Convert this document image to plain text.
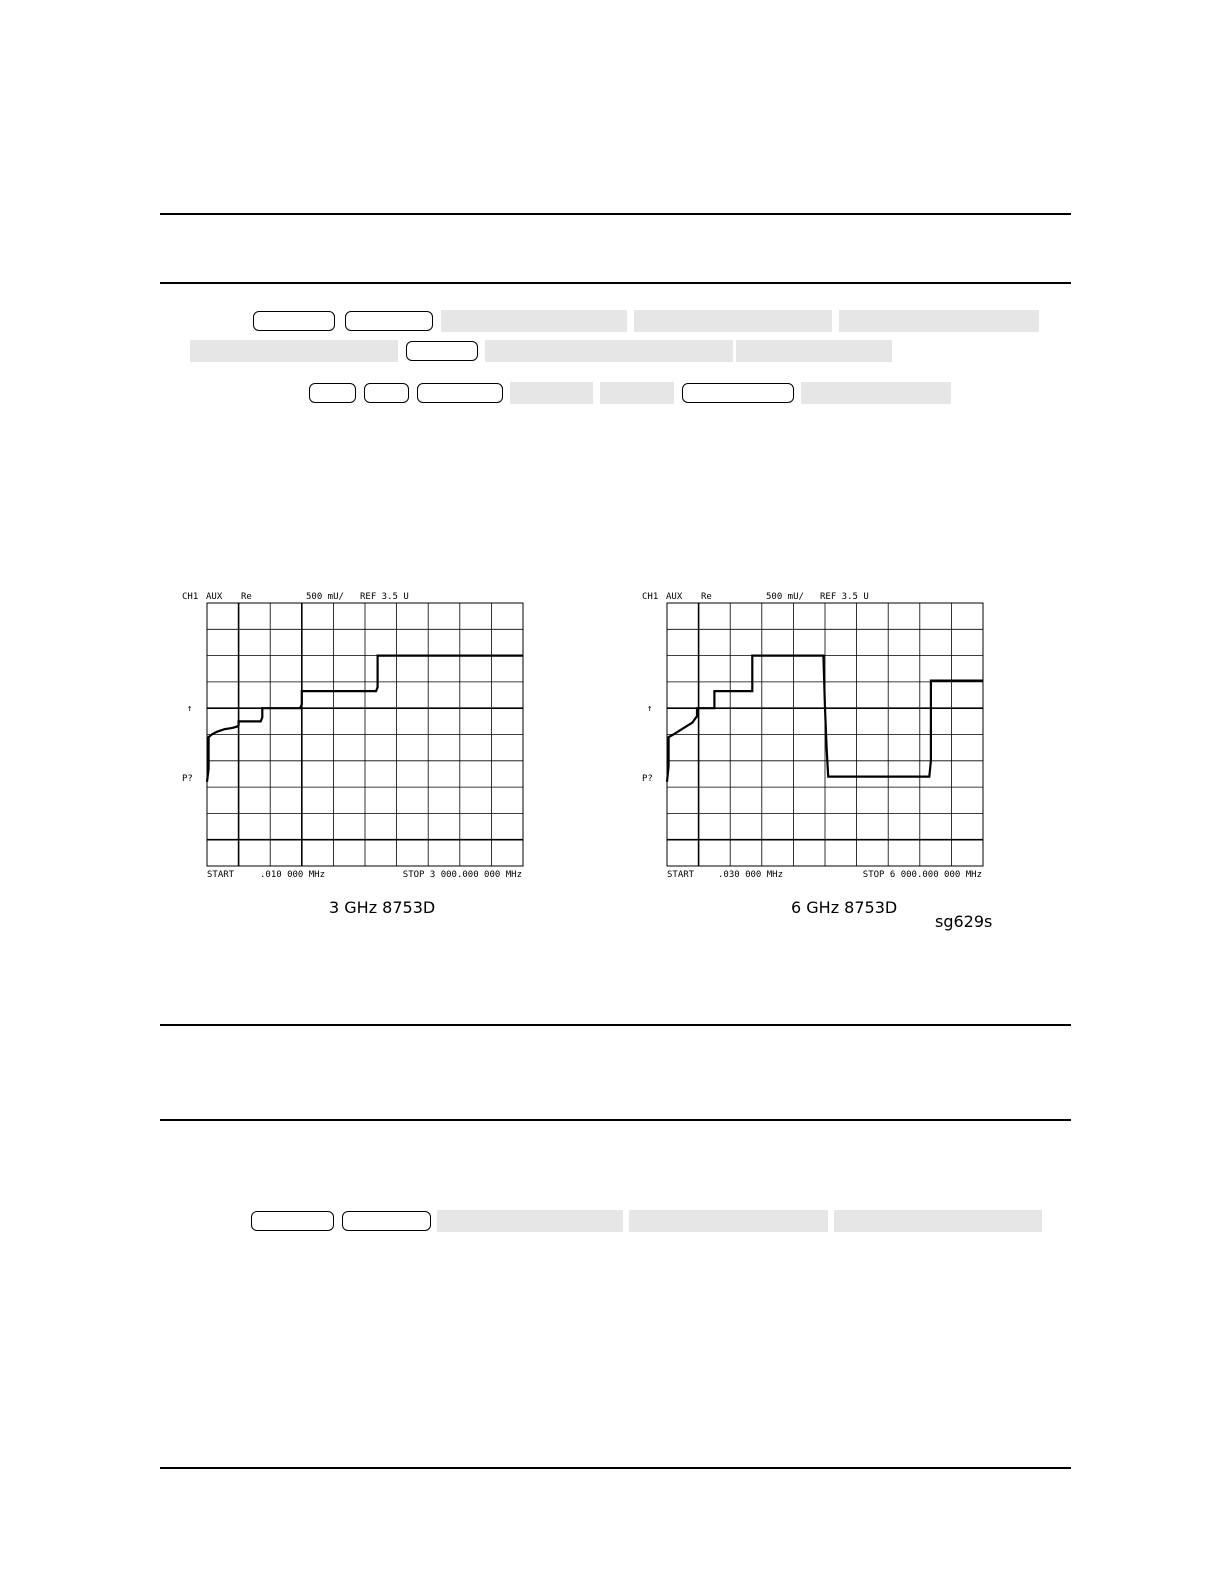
CH1 AUX Re	500 mU/ REF 3.5 U
↑
P?
START	.010 000 MHz	STOP 3 000.000 000 MHz
3 GHz 8753D
CH1 AUX Re	500 mU/ REF 3.5 U
↑
P?
START	.030 000 MHz	STOP 6 000.000 000 MHz
6 GHz 8753D
sg629s
